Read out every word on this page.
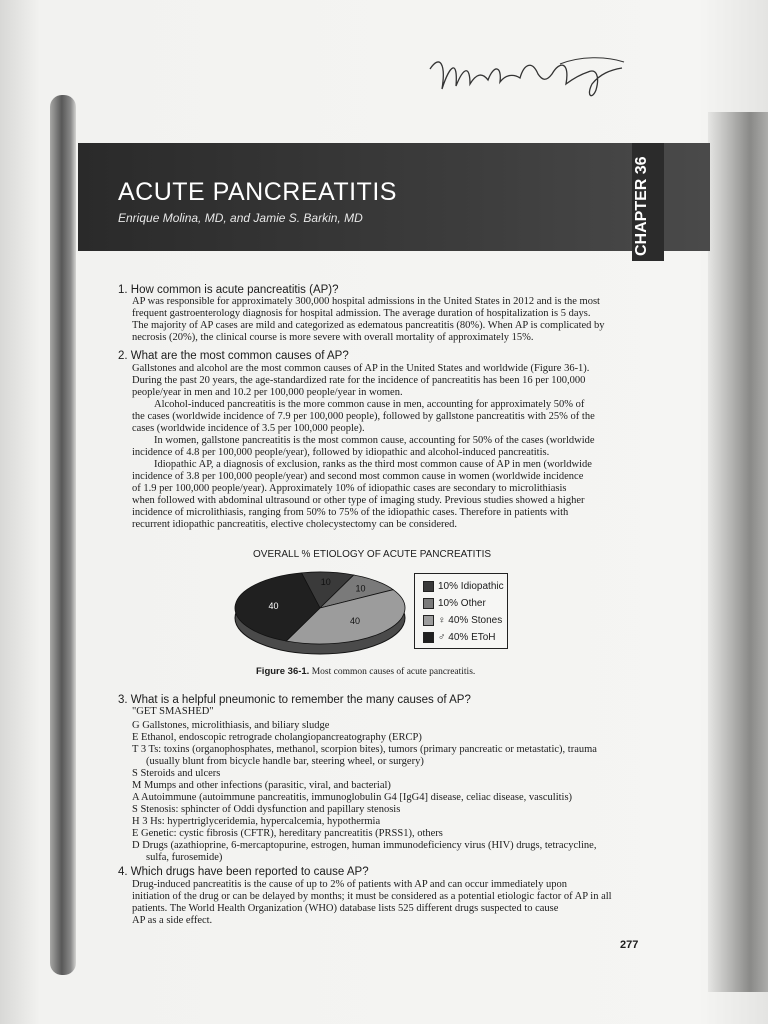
ACUTE PANCREATITIS
Enrique Molina, MD, and Jamie S. Barkin, MD	CHAPTER 36
1. How common is acute pancreatitis (AP)?
AP was responsible for approximately 300,000 hospital admissions in the United States in 2012 and is the most
frequent gastroenterology diagnosis for hospital admission. The average duration of hospitalization is 5 days.
The majority of AP cases are mild and categorized as edematous pancreatitis (80%). When AP is complicated by
necrosis (20%), the clinical course is more severe with overall mortality of approximately 15%.
2. What are the most common causes of AP?
Gallstones and alcohol are the most common causes of AP in the United States and worldwide (Figure 36-1).
During the past 20 years, the age-standardized rate for the incidence of pancreatitis has been 16 per 100,000
people/year in men and 10.2 per 100,000 people/year in women.
Alcohol-induced pancreatitis is the more common cause in men, accounting for approximately 50% of
the cases (worldwide incidence of 7.9 per 100,000 people), followed by gallstone pancreatitis with 25% of the
cases (worldwide incidence of 3.5 per 100,000 people).
In women, gallstone pancreatitis is the most common cause, accounting for 50% of the cases (worldwide
incidence of 4.8 per 100,000 people/year), followed by idiopathic and alcohol-induced pancreatitis.
Idiopathic AP, a diagnosis of exclusion, ranks as the third most common cause of AP in men (worldwide
incidence of 3.8 per 100,000 people/year) and second most common cause in women (worldwide incidence
of 1.9 per 100,000 people/year). Approximately 10% of idiopathic cases are secondary to microlithiasis
when followed with abdominal ultrasound or other type of imaging study. Previous studies showed a higher
incidence of microlithiasis, ranging from 50% to 75% of the idiopathic cases. Therefore in patients with
recurrent idiopathic pancreatitis, elective cholecystectomy can be considered.
OVERALL % ETIOLOGY OF ACUTE PANCREATITIS
10
10
40
40
10% Idiopathic
10% Other
♀ 40% Stones
♂ 40% EToH
Figure 36-1. Most common causes of acute pancreatitis.
3. What is a helpful pneumonic to remember the many causes of AP?
"GET SMASHED"
G Gallstones, microlithiasis, and biliary sludge
E Ethanol, endoscopic retrograde cholangiopancreatography (ERCP)
T 3 Ts: toxins (organophosphates, methanol, scorpion bites), tumors (primary pancreatic or metastatic), trauma
(usually blunt from bicycle handle bar, steering wheel, or surgery)
S Steroids and ulcers
M Mumps and other infections (parasitic, viral, and bacterial)
A Autoimmune (autoimmune pancreatitis, immunoglobulin G4 [IgG4] disease, celiac disease, vasculitis)
S Stenosis: sphincter of Oddi dysfunction and papillary stenosis
H 3 Hs: hypertriglyceridemia, hypercalcemia, hypothermia
E Genetic: cystic fibrosis (CFTR), hereditary pancreatitis (PRSS1), others
D Drugs (azathioprine, 6-mercaptopurine, estrogen, human immunodeficiency virus (HIV) drugs, tetracycline,
sulfa, furosemide)
4. Which drugs have been reported to cause AP?
Drug-induced pancreatitis is the cause of up to 2% of patients with AP and can occur immediately upon
initiation of the drug or can be delayed by months; it must be considered as a potential etiologic factor of AP in all
patients. The World Health Organization (WHO) database lists 525 different drugs suspected to cause
AP as a side effect.
277
